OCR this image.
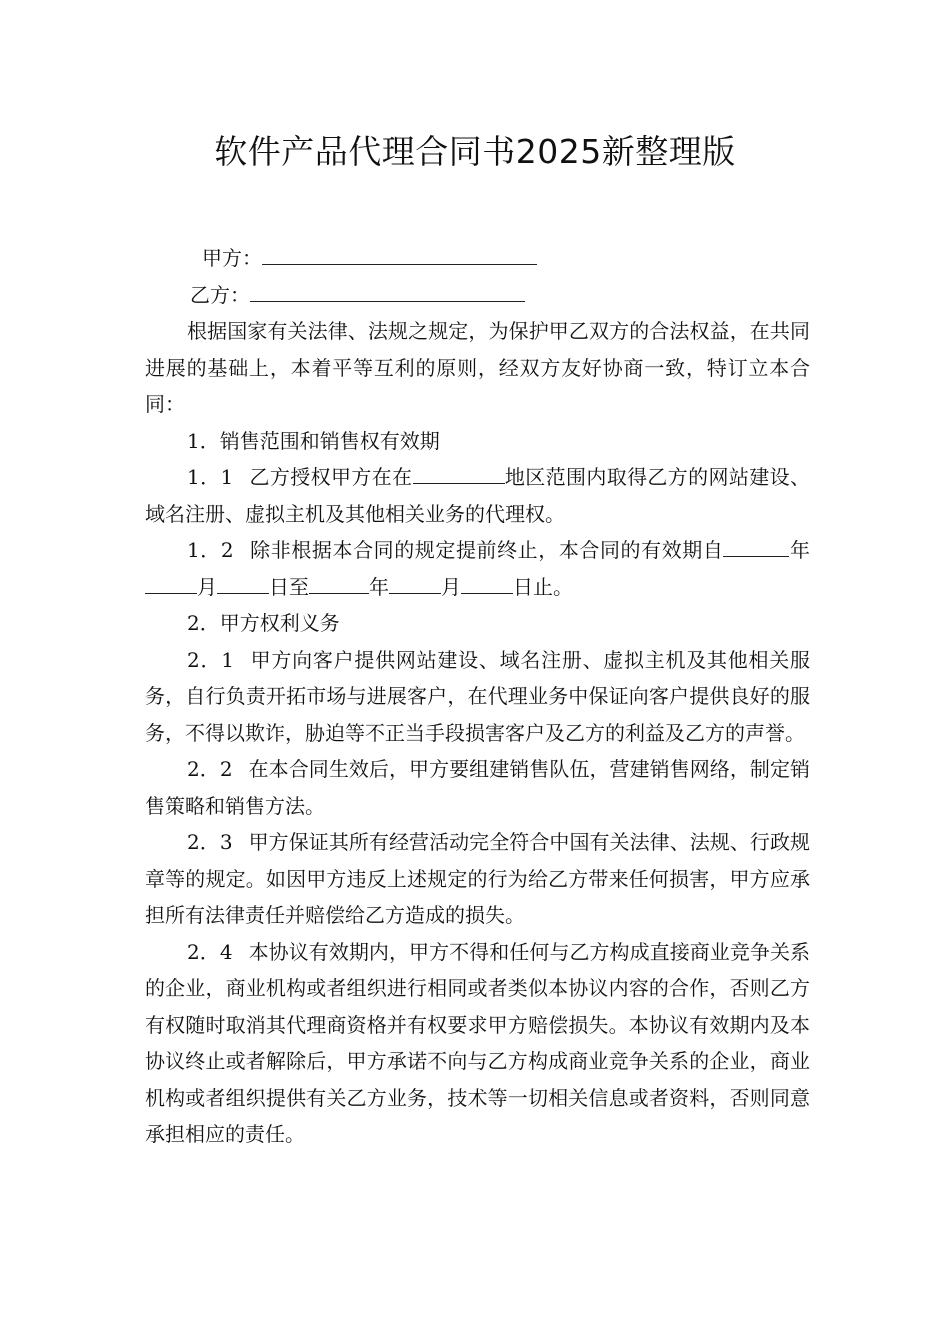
软件产品代理合同书2025新整理版

甲方：

乙方：

根据国家有关法律、法规之规定，为保护甲乙双方的合法权益，在共同进展的基础上，本着平等互利的原则，经双方友好协商一致，特订立本合同：

1．销售范围和销售权有效期

1．1 乙方授权甲方在在	地区范围内取得乙方的网站建设、域名注册、虚拟主机及其他相关业务的代理权。

1．2 除非根据本合同的规定提前终止，本合同的有效期自	年月	日至	年	月	日止。

2．甲方权利义务

2．1 甲方向客户提供网站建设、域名注册、虚拟主机及其他相关服务，自行负责开拓市场与进展客户，在代理业务中保证向客户提供良好的服务，不得以欺诈，胁迫等不正当手段损害客户及乙方的利益及乙方的声誉。

2．2 在本合同生效后，甲方要组建销售队伍，营建销售网络，制定销售策略和销售方法。

2．3 甲方保证其所有经营活动完全符合中国有关法律、法规、行政规章等的规定。如因甲方违反上述规定的行为给乙方带来任何损害，甲方应承担所有法律责任并赔偿给乙方造成的损失。

2．4 本协议有效期内，甲方不得和任何与乙方构成直接商业竞争关系的企业，商业机构或者组织进行相同或者类似本协议内容的合作，否则乙方有权随时取消其代理商资格并有权要求甲方赔偿损失。本协议有效期内及本协议终止或者解除后，甲方承诺不向与乙方构成商业竞争关系的企业，商业机构或者组织提供有关乙方业务，技术等一切相关信息或者资料，否则同意承担相应的责任。
